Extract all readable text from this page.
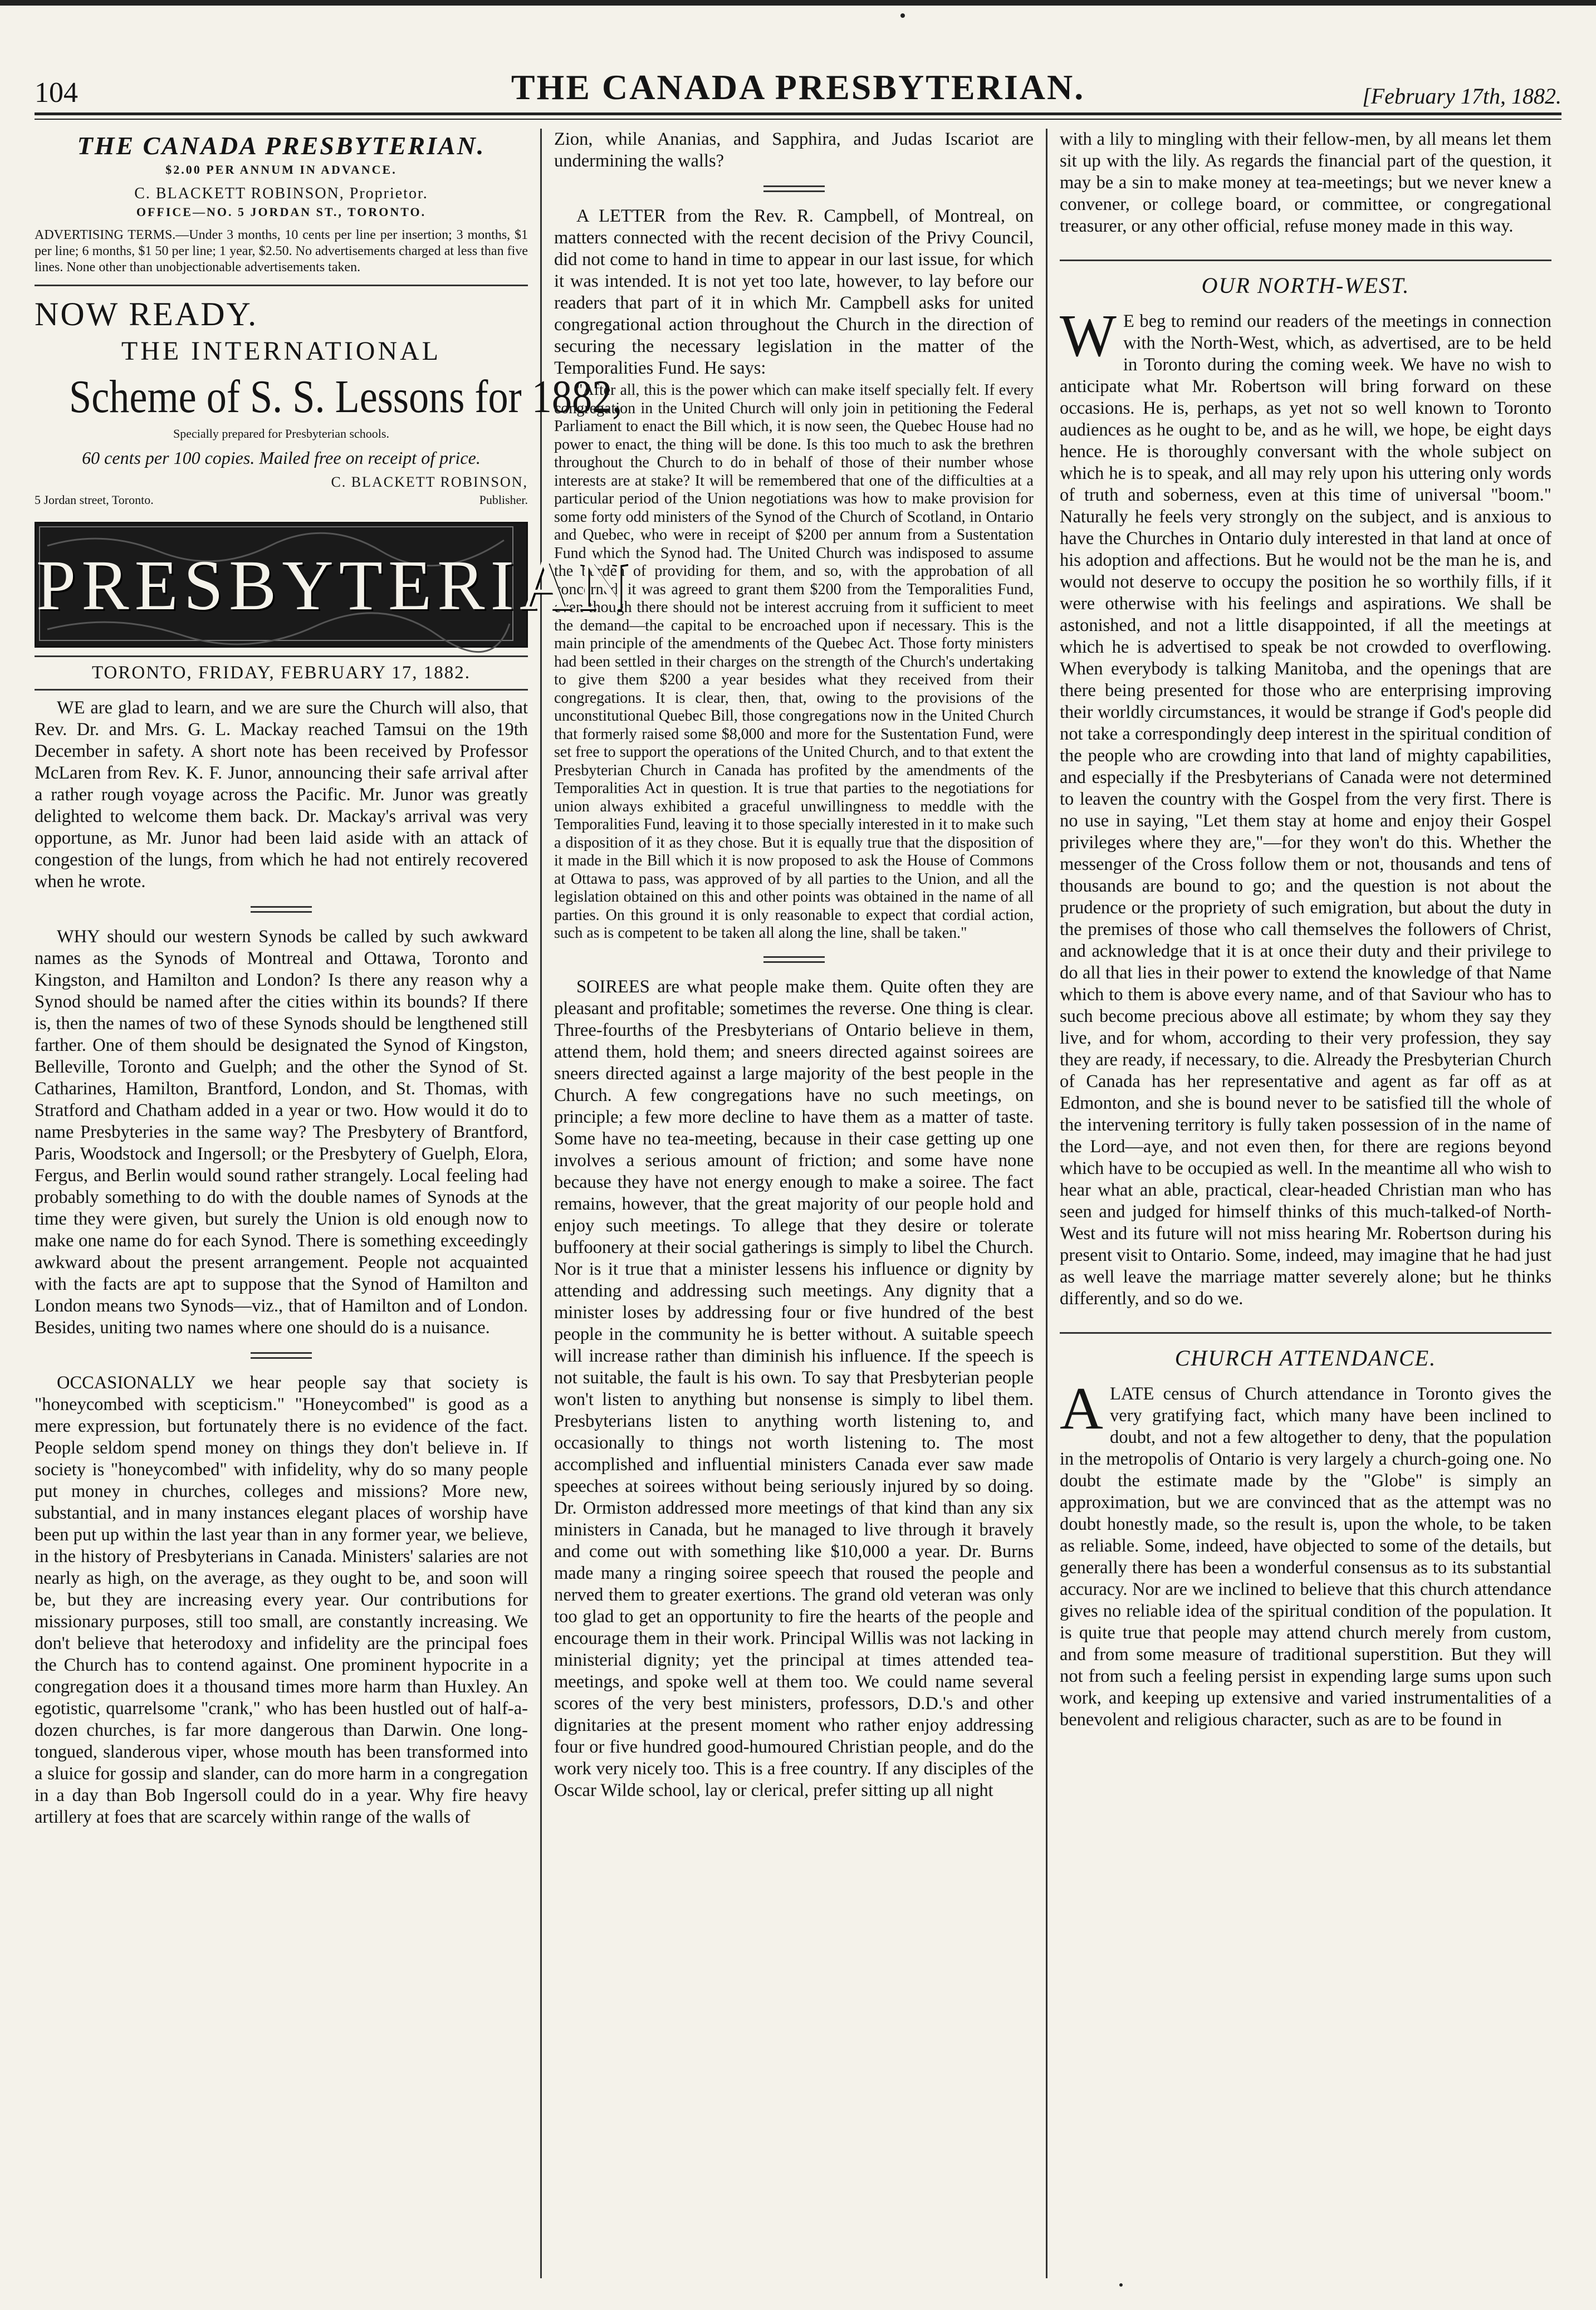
104	THE CANADA PRESBYTERIAN.	[February 17th, 1882.
THE CANADA PRESBYTERIAN.
$2.00 PER ANNUM IN ADVANCE.
C. BLACKETT ROBINSON, Proprietor.
OFFICE—NO. 5 JORDAN ST., TORONTO.
ADVERTISING TERMS.—Under 3 months, 10 cents per line per insertion; 3 months, $1 per line; 6 months, $1 50 per line; 1 year, $2.50. No advertisements charged at less than five lines. None other than unobjectionable advertisements taken.
NOW READY.
THE INTERNATIONAL
Scheme of S. S. Lessons for 1882,
Specially prepared for Presbyterian schools.
60 cents per 100 copies. Mailed free on receipt of price.
C. BLACKETT ROBINSON,
5 Jordan street, Toronto.	Publisher.
PRESBYTERIAN
TORONTO, FRIDAY, FEBRUARY 17, 1882.

WE are glad to learn, and we are sure the Church will also, that Rev. Dr. and Mrs. G. L. Mackay reached Tamsui on the 19th December in safety. A short note has been received by Professor McLaren from Rev. K. F. Junor, announcing their safe arrival after a rather rough voyage across the Pacific. Mr. Junor was greatly delighted to welcome them back. Dr. Mackay's arrival was very opportune, as Mr. Junor had been laid aside with an attack of congestion of the lungs, from which he had not entirely recovered when he wrote.

WHY should our western Synods be called by such awkward names as the Synods of Montreal and Ottawa, Toronto and Kingston, and Hamilton and London? Is there any reason why a Synod should be named after the cities within its bounds? If there is, then the names of two of these Synods should be lengthened still farther. One of them should be designated the Synod of Kingston, Belleville, Toronto and Guelph; and the other the Synod of St. Catharines, Hamilton, Brantford, London, and St. Thomas, with Stratford and Chatham added in a year or two. How would it do to name Presbyteries in the same way? The Presbytery of Brantford, Paris, Woodstock and Ingersoll; or the Presbytery of Guelph, Elora, Fergus, and Berlin would sound rather strangely. Local feeling had probably something to do with the double names of Synods at the time they were given, but surely the Union is old enough now to make one name do for each Synod. There is something exceedingly awkward about the present arrangement. People not acquainted with the facts are apt to suppose that the Synod of Hamilton and London means two Synods—viz., that of Hamilton and of London. Besides, uniting two names where one should do is a nuisance.

OCCASIONALLY we hear people say that society is "honeycombed with scepticism." "Honeycombed" is good as a mere expression, but fortunately there is no evidence of the fact. People seldom spend money on things they don't believe in. If society is "honeycombed" with infidelity, why do so many people put money in churches, colleges and missions? More new, substantial, and in many instances elegant places of worship have been put up within the last year than in any former year, we believe, in the history of Presbyterians in Canada. Ministers' salaries are not nearly as high, on the average, as they ought to be, and soon will be, but they are increasing every year. Our contributions for missionary purposes, still too small, are constantly increasing. We don't believe that heterodoxy and infidelity are the principal foes the Church has to contend against. One prominent hypocrite in a congregation does it a thousand times more harm than Huxley. An egotistic, quarrelsome "crank," who has been hustled out of half-a-dozen churches, is far more dangerous than Darwin. One long-tongued, slanderous viper, whose mouth has been transformed into a sluice for gossip and slander, can do more harm in a congregation in a day than Bob Ingersoll could do in a year. Why fire heavy artillery at foes that are scarcely within range of the walls of

Zion, while Ananias, and Sapphira, and Judas Iscariot are undermining the walls?

A LETTER from the Rev. R. Campbell, of Montreal, on matters connected with the recent decision of the Privy Council, did not come to hand in time to appear in our last issue, for which it was intended. It is not yet too late, however, to lay before our readers that part of it in which Mr. Campbell asks for united congregational action throughout the Church in the direction of securing the necessary legislation in the matter of the Temporalities Fund. He says:

"After all, this is the power which can make itself specially felt. If every congregation in the United Church will only join in petitioning the Federal Parliament to enact the Bill which, it is now seen, the Quebec House had no power to enact, the thing will be done. Is this too much to ask the brethren throughout the Church to do in behalf of those of their number whose interests are at stake? It will be remembered that one of the difficulties at a particular period of the Union negotiations was how to make provision for some forty odd ministers of the Synod of the Church of Scotland, in Ontario and Quebec, who were in receipt of $200 per annum from a Sustentation Fund which the Synod had. The United Church was indisposed to assume the burden of providing for them, and so, with the approbation of all concerned, it was agreed to grant them $200 from the Temporalities Fund, even though there should not be interest accruing from it sufficient to meet the demand—the capital to be encroached upon if necessary. This is the main principle of the amendments of the Quebec Act. Those forty ministers had been settled in their charges on the strength of the Church's undertaking to give them $200 a year besides what they received from their congregations. It is clear, then, that, owing to the provisions of the unconstitutional Quebec Bill, those congregations now in the United Church that formerly raised some $8,000 and more for the Sustentation Fund, were set free to support the operations of the United Church, and to that extent the Presbyterian Church in Canada has profited by the amendments of the Temporalities Act in question. It is true that parties to the negotiations for union always exhibited a graceful unwillingness to meddle with the Temporalities Fund, leaving it to those specially interested in it to make such a disposition of it as they chose. But it is equally true that the disposition of it made in the Bill which it is now proposed to ask the House of Commons at Ottawa to pass, was approved of by all parties to the Union, and all the legislation obtained on this and other points was obtained in the name of all parties. On this ground it is only reasonable to expect that cordial action, such as is competent to be taken all along the line, shall be taken."

SOIREES are what people make them. Quite often they are pleasant and profitable; sometimes the reverse. One thing is clear. Three-fourths of the Presbyterians of Ontario believe in them, attend them, hold them; and sneers directed against soirees are sneers directed against a large majority of the best people in the Church. A few congregations have no such meetings, on principle; a few more decline to have them as a matter of taste. Some have no tea-meeting, because in their case getting up one involves a serious amount of friction; and some have none because they have not energy enough to make a soiree. The fact remains, however, that the great majority of our people hold and enjoy such meetings. To allege that they desire or tolerate buffoonery at their social gatherings is simply to libel the Church. Nor is it true that a minister lessens his influence or dignity by attending and addressing such meetings. Any dignity that a minister loses by addressing four or five hundred of the best people in the community he is better without. A suitable speech will increase rather than diminish his influence. If the speech is not suitable, the fault is his own. To say that Presbyterian people won't listen to anything but nonsense is simply to libel them. Presbyterians listen to anything worth listening to, and occasionally to things not worth listening to. The most accomplished and influential ministers Canada ever saw made speeches at soirees without being seriously injured by so doing. Dr. Ormiston addressed more meetings of that kind than any six ministers in Canada, but he managed to live through it bravely and come out with something like $10,000 a year. Dr. Burns made many a ringing soiree speech that roused the people and nerved them to greater exertions. The grand old veteran was only too glad to get an opportunity to fire the hearts of the people and encourage them in their work. Principal Willis was not lacking in ministerial dignity; yet the principal at times attended tea-meetings, and spoke well at them too. We could name several scores of the very best ministers, professors, D.D.'s and other dignitaries at the present moment who rather enjoy addressing four or five hundred good-humoured Christian people, and do the work very nicely too. This is a free country. If any disciples of the Oscar Wilde school, lay or clerical, prefer sitting up all night

with a lily to mingling with their fellow-men, by all means let them sit up with the lily. As regards the financial part of the question, it may be a sin to make money at tea-meetings; but we never knew a convener, or college board, or committee, or congregational treasurer, or any other official, refuse money made in this way.

OUR NORTH-WEST.

W E beg to remind our readers of the meetings in connection with the North-West, which, as advertised, are to be held in Toronto during the coming week. We have no wish to anticipate what Mr. Robertson will bring forward on these occasions. He is, perhaps, as yet not so well known to Toronto audiences as he ought to be, and as he will, we hope, be eight days hence. He is thoroughly conversant with the whole subject on which he is to speak, and all may rely upon his uttering only words of truth and soberness, even at this time of universal "boom." Naturally he feels very strongly on the subject, and is anxious to have the Churches in Ontario duly interested in that land at once of his adoption and affections. But he would not be the man he is, and would not deserve to occupy the position he so worthily fills, if it were otherwise with his feelings and aspirations. We shall be astonished, and not a little disappointed, if all the meetings at which he is advertised to speak be not crowded to overflowing. When everybody is talking Manitoba, and the openings that are there being presented for those who are enterprising improving their worldly circumstances, it would be strange if God's people did not take a correspondingly deep interest in the spiritual condition of the people who are crowding into that land of mighty capabilities, and especially if the Presbyterians of Canada were not determined to leaven the country with the Gospel from the very first. There is no use in saying, "Let them stay at home and enjoy their Gospel privileges where they are,"—for they won't do this. Whether the messenger of the Cross follow them or not, thousands and tens of thousands are bound to go; and the question is not about the prudence or the propriety of such emigration, but about the duty in the premises of those who call themselves the followers of Christ, and acknowledge that it is at once their duty and their privilege to do all that lies in their power to extend the knowledge of that Name which to them is above every name, and of that Saviour who has to such become precious above all estimate; by whom they say they live, and for whom, according to their very profession, they say they are ready, if necessary, to die. Already the Presbyterian Church of Canada has her representative and agent as far off as at Edmonton, and she is bound never to be satisfied till the whole of the intervening territory is fully taken possession of in the name of the Lord—aye, and not even then, for there are regions beyond which have to be occupied as well. In the meantime all who wish to hear what an able, practical, clear-headed Christian man who has seen and judged for himself thinks of this much-talked-of North-West and its future will not miss hearing Mr. Robertson during his present visit to Ontario. Some, indeed, may imagine that he had just as well leave the marriage matter severely alone; but he thinks differently, and so do we.

CHURCH ATTENDANCE.

ALATE census of Church attendance in Toronto gives the very gratifying fact, which many have been inclined to doubt, and not a few altogether to deny, that the population in the metropolis of Ontario is very largely a church-going one. No doubt the estimate made by the "Globe" is simply an approximation, but we are convinced that as the attempt was no doubt honestly made, so the result is, upon the whole, to be taken as reliable. Some, indeed, have objected to some of the details, but generally there has been a wonderful consensus as to its substantial accuracy. Nor are we inclined to believe that this church attendance gives no reliable idea of the spiritual condition of the population. It is quite true that people may attend church merely from custom, and from some measure of traditional superstition. But they will not from such a feeling persist in expending large sums upon such work, and keeping up extensive and varied instrumentalities of a benevolent and religious character, such as are to be found in
